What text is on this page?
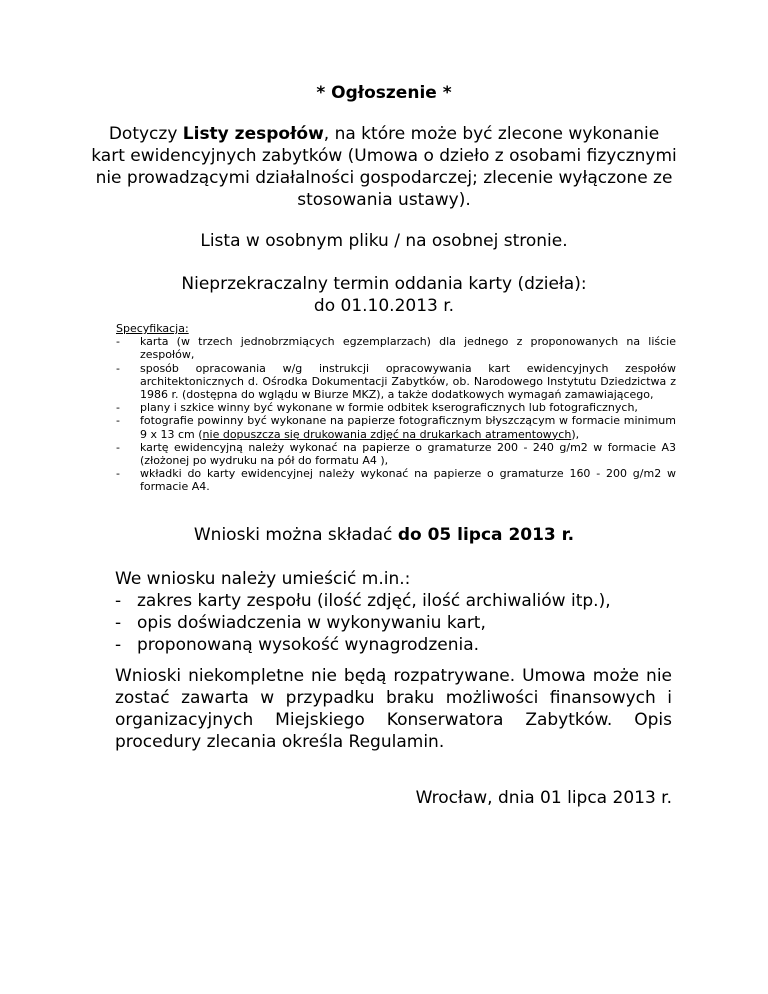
* Ogłoszenie *
Dotyczy Listy zespołów, na które może być zlecone wykonanie kart ewidencyjnych zabytków (Umowa o dzieło z osobami fizycznymi nie prowadzącymi działalności gospodarczej; zlecenie wyłączone ze stosowania ustawy).
Lista w osobnym pliku / na osobnej stronie.
Nieprzekraczalny termin oddania karty (dzieła):
do 01.10.2013 r.
Specyfikacja:
- karta (w trzech jednobrzmiących egzemplarzach) dla jednego z proponowanych na liście zespołów,
- sposób opracowania w/g instrukcji opracowywania kart ewidencyjnych zespołów architektonicznych d. Ośrodka Dokumentacji Zabytków, ob. Narodowego Instytutu Dziedzictwa z 1986 r. (dostępna do wglądu w Biurze MKZ), a także dodatkowych wymagań zamawiającego,
- plany i szkice winny być wykonane w formie odbitek kserograficznych lub fotograficznych,
- fotografie powinny być wykonane na papierze fotograficznym błyszczącym w formacie minimum 9 x 13 cm (nie dopuszcza się drukowania zdjęć na drukarkach atramentowych),
- kartę ewidencyjną należy wykonać na papierze o gramaturze 200 - 240 g/m2 w formacie A3 (złożonej po wydruku na pół do formatu A4 ),
- wkładki do karty ewidencyjnej należy wykonać na papierze o gramaturze 160 - 200 g/m2 w formacie A4.
Wnioski można składać do 05 lipca 2013 r.
We wniosku należy umieścić m.in.:
- zakres karty zespołu (ilość zdjęć, ilość archiwaliów itp.),
- opis doświadczenia w wykonywaniu kart,
- proponowaną wysokość wynagrodzenia.
Wnioski niekompletne nie będą rozpatrywane. Umowa może nie zostać zawarta w przypadku braku możliwości finansowych i organizacyjnych Miejskiego Konserwatora Zabytków. Opis procedury zlecania określa Regulamin.
Wrocław, dnia 01 lipca 2013 r.
